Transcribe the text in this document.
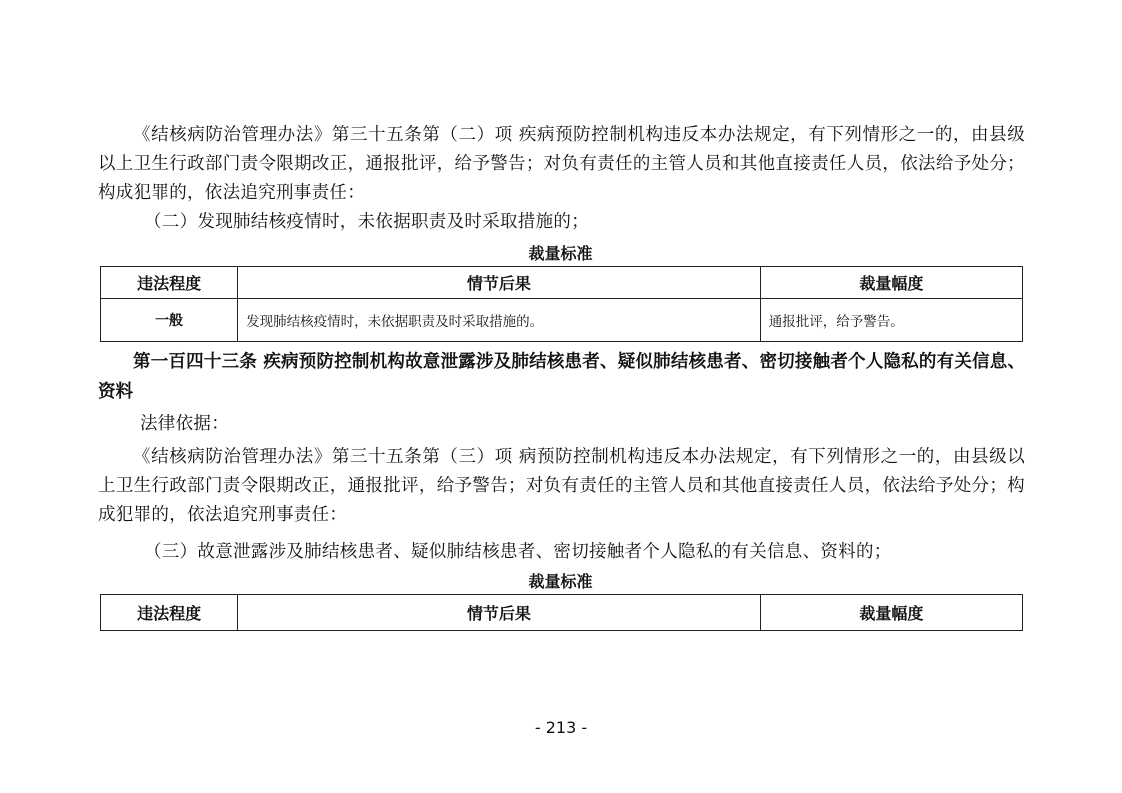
《结核病防治管理办法》第三十五条第（二）项 疾病预防控制机构违反本办法规定，有下列情形之一的，由县级以上卫生行政部门责令限期改正，通报批评，给予警告；对负有责任的主管人员和其他直接责任人员，依法给予处分；构成犯罪的，依法追究刑事责任：

（二）发现肺结核疫情时，未依据职责及时采取措施的；

裁量标准
违法程度	情节后果	裁量幅度
一般	发现肺结核疫情时，未依据职责及时采取措施的。	通报批评，给予警告。

第一百四十三条 疾病预防控制机构故意泄露涉及肺结核患者、疑似肺结核患者、密切接触者个人隐私的有关信息、资料

法律依据：

《结核病防治管理办法》第三十五条第（三）项 病预防控制机构违反本办法规定，有下列情形之一的，由县级以上卫生行政部门责令限期改正，通报批评，给予警告；对负有责任的主管人员和其他直接责任人员，依法给予处分；构成犯罪的，依法追究刑事责任：

（三）故意泄露涉及肺结核患者、疑似肺结核患者、密切接触者个人隐私的有关信息、资料的；

裁量标准
违法程度	情节后果	裁量幅度
- 213 -
